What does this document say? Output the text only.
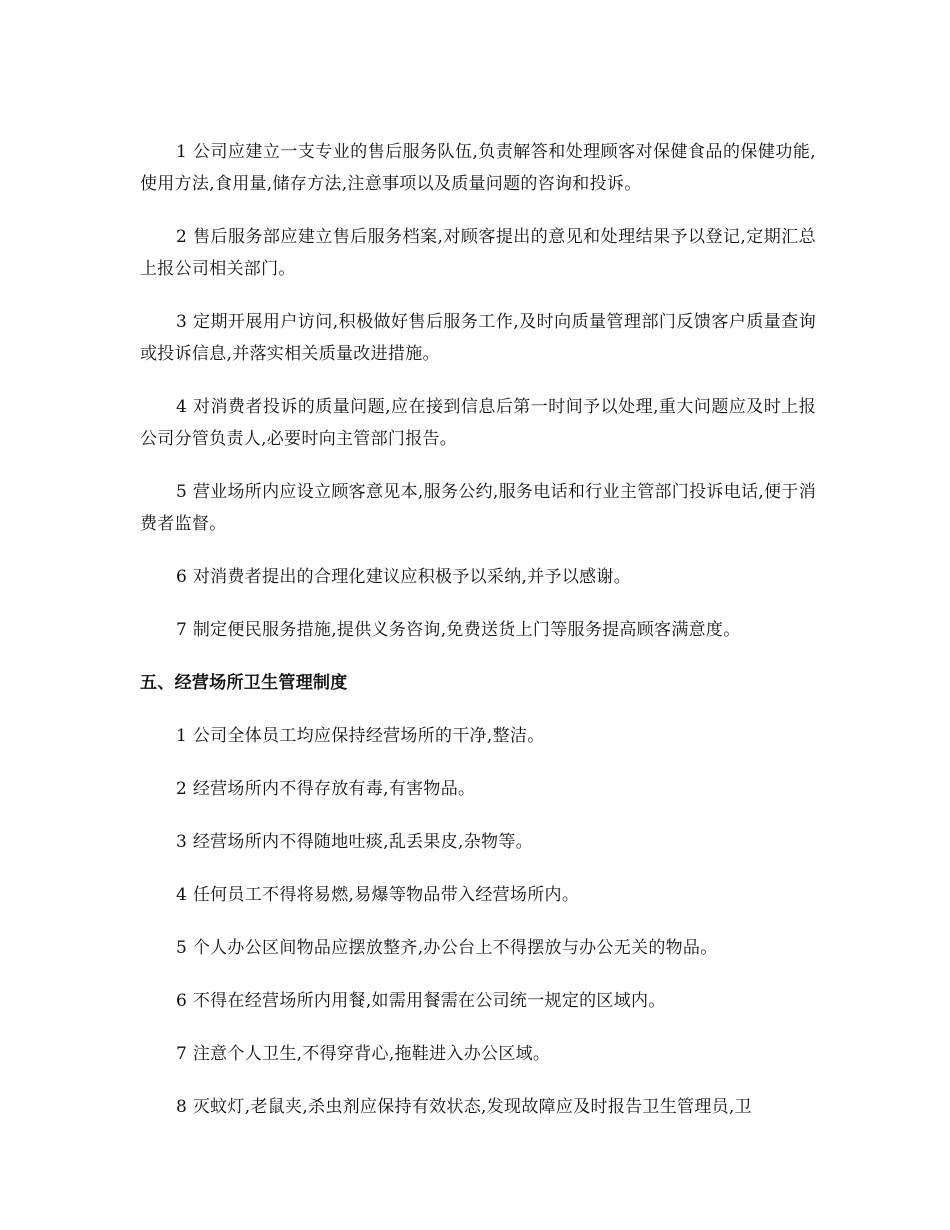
1 公司应建立一支专业的售后服务队伍,负责解答和处理顾客对保健食品的保健功能,使用方法,食用量,储存方法,注意事项以及质量问题的咨询和投诉。

2 售后服务部应建立售后服务档案,对顾客提出的意见和处理结果予以登记,定期汇总上报公司相关部门。

3 定期开展用户访问,积极做好售后服务工作,及时向质量管理部门反馈客户质量查询或投诉信息,并落实相关质量改进措施。

4 对消费者投诉的质量问题,应在接到信息后第一时间予以处理,重大问题应及时上报公司分管负责人,必要时向主管部门报告。

5 营业场所内应设立顾客意见本,服务公约,服务电话和行业主管部门投诉电话,便于消费者监督。

6 对消费者提出的合理化建议应积极予以采纳,并予以感谢。

7 制定便民服务措施,提供义务咨询,免费送货上门等服务提高顾客满意度。

五、经营场所卫生管理制度

1 公司全体员工均应保持经营场所的干净,整洁。

2 经营场所内不得存放有毒,有害物品。

3 经营场所内不得随地吐痰,乱丢果皮,杂物等。

4 任何员工不得将易燃,易爆等物品带入经营场所内。

5 个人办公区间物品应摆放整齐,办公台上不得摆放与办公无关的物品。

6 不得在经营场所内用餐,如需用餐需在公司统一规定的区域内。

7 注意个人卫生,不得穿背心,拖鞋进入办公区域。

8 灭蚊灯,老鼠夹,杀虫剂应保持有效状态,发现故障应及时报告卫生管理员,卫
